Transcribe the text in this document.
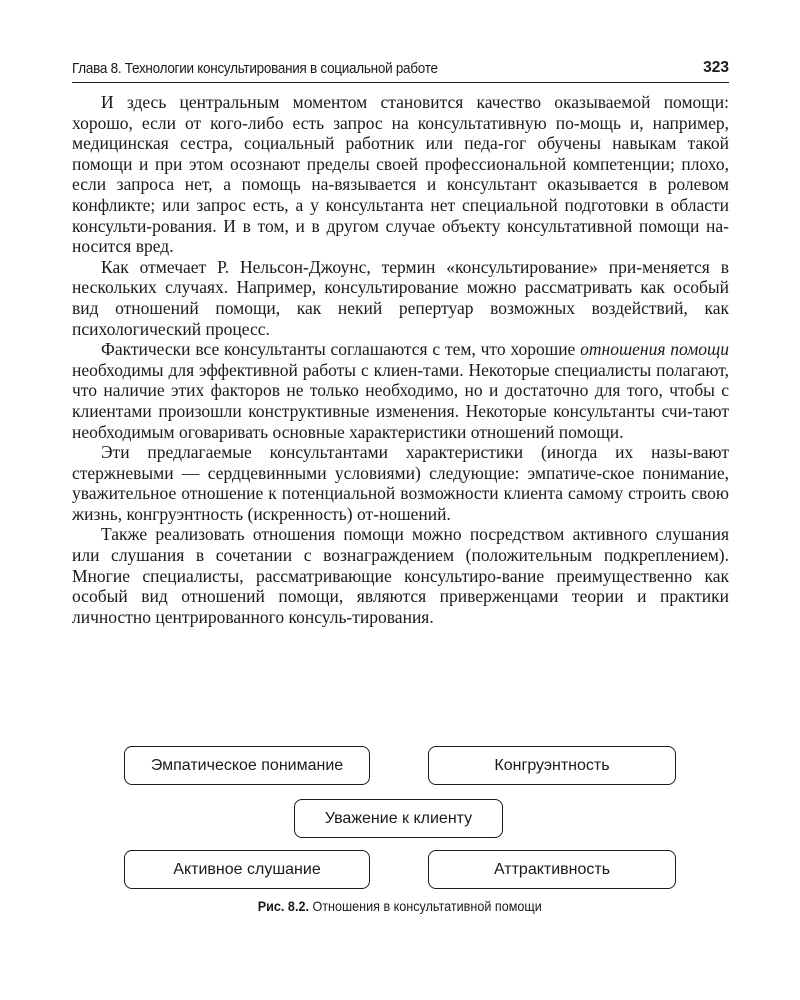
Глава 8. Технологии консультирования в социальной работе	323

И здесь центральным моментом становится качество оказываемой помощи: хорошо, если от кого-либо есть запрос на консультативную по-мощь и, например, медицинская сестра, социальный работник или педа-гог обучены навыкам такой помощи и при этом осознают пределы своей профессиональной компетенции; плохо, если запроса нет, а помощь на-вязывается и консультант оказывается в ролевом конфликте; или запрос есть, а у консультанта нет специальной подготовки в области консульти-рования. И в том, и в другом случае объекту консультативной помощи на-носится вред.

Как отмечает Р. Нельсон-Джоунс, термин «консультирование» при-меняется в нескольких случаях. Например, консультирование можно рассматривать как особый вид отношений помощи, как некий репертуар возможных воздействий, как психологический процесс.

Фактически все консультанты соглашаются с тем, что хорошие отношения помощи необходимы для эффективной работы с клиен-тами. Некоторые специалисты полагают, что наличие этих факторов не только необходимо, но и достаточно для того, чтобы с клиентами произошли конструктивные изменения. Некоторые консультанты счи-тают необходимым оговаривать основные характеристики отношений помощи.

Эти предлагаемые консультантами характеристики (иногда их назы-вают стержневыми — сердцевинными условиями) следующие: эмпатиче-ское понимание, уважительное отношение к потенциальной возможности клиента самому строить свою жизнь, конгруэнтность (искренность) от-ношений.

Также реализовать отношения помощи можно посредством активного слушания или слушания в сочетании с вознаграждением (положительным подкреплением). Многие специалисты, рассматривающие консультиро-вание преимущественно как особый вид отношений помощи, являются приверженцами теории и практики личностно центрированного консуль-тирования.

Эмпатическое понимание	Конгруэнтность
Уважение к клиенту
Активное слушание	Аттрактивность
Рис. 8.2. Отношения в консультативной помощи
